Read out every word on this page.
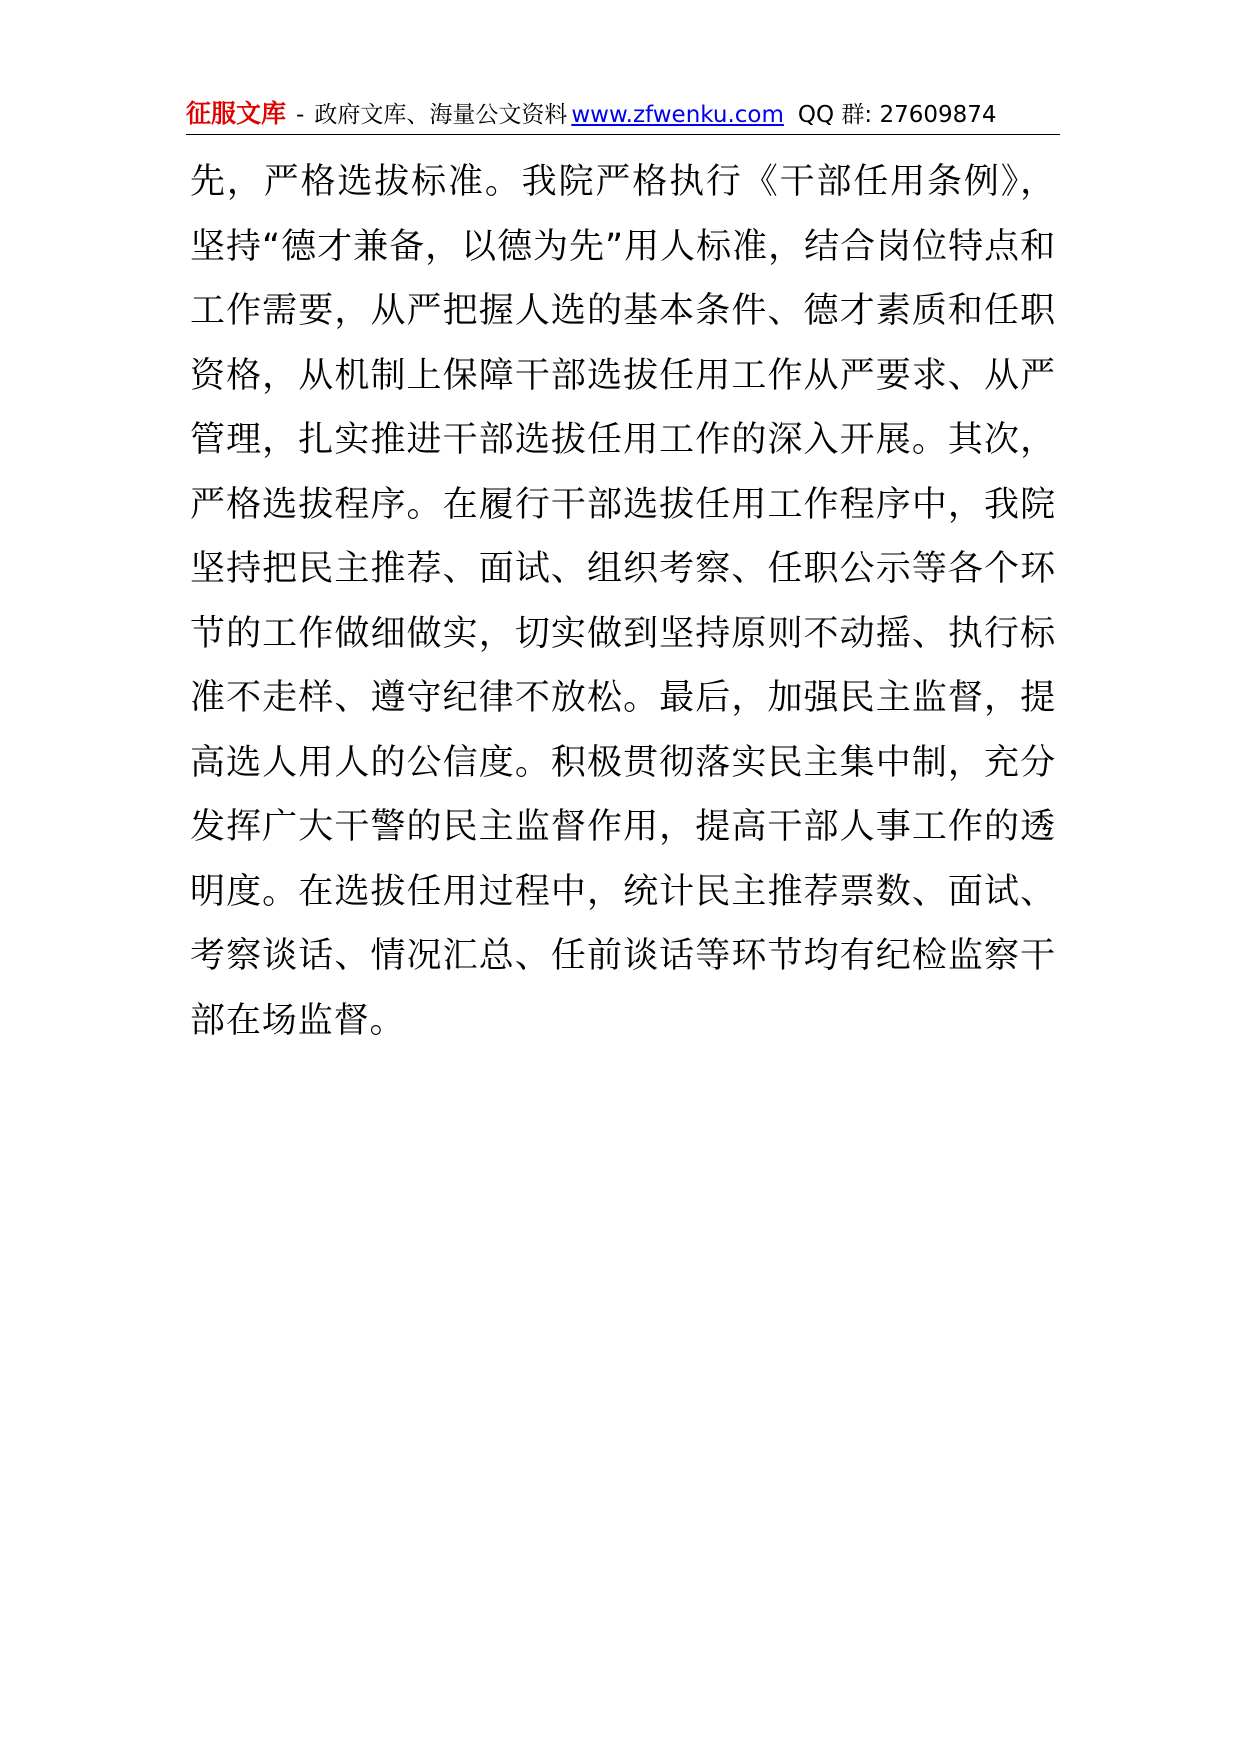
征服文库 - 政府文库、海量公文资料 www.zfwenku.com QQ 群: 27609874

先，严格选拔标准。我院严格执行《干部任用条例》，坚持“德才兼备，以德为先”用人标准，结合岗位特点和工作需要，从严把握人选的基本条件、德才素质和任职资格，从机制上保障干部选拔任用工作从严要求、从严管理，扎实推进干部选拔任用工作的深入开展。其次，严格选拔程序。在履行干部选拔任用工作程序中，我院坚持把民主推荐、面试、组织考察、任职公示等各个环节的工作做细做实，切实做到坚持原则不动摇、执行标准不走样、遵守纪律不放松。最后，加强民主监督，提高选人用人的公信度。积极贯彻落实民主集中制，充分发挥广大干警的民主监督作用，提高干部人事工作的透明度。在选拔任用过程中，统计民主推荐票数、面试、考察谈话、情况汇总、任前谈话等环节均有纪检监察干部在场监督。
